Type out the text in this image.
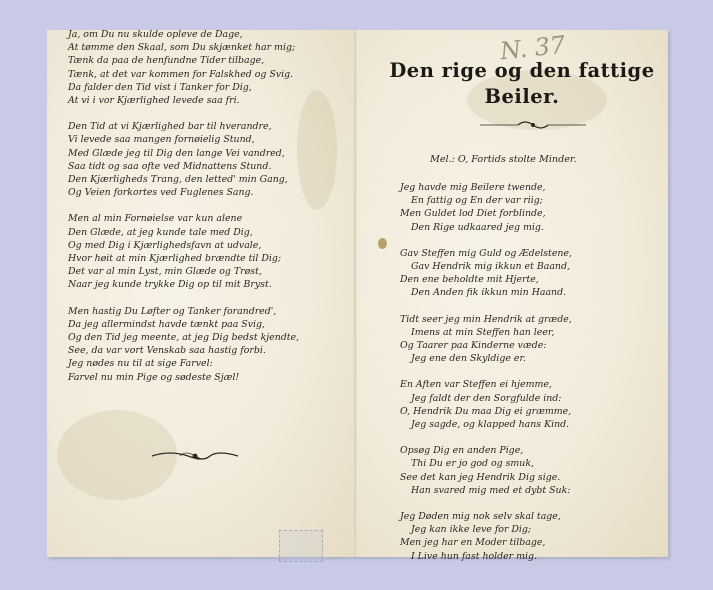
Ja, om Du nu skulde opleve de Dage,
At tømme den Skaal, som Du skjænket har mig;
Tænk da paa de henfundne Tider tilbage,
Tænk, at det var kommen for Falskhed og Svig.
Da falder den Tid vist i Tanker for Dig,
At vi i vor Kjærlighed levede saa fri.
Den Tid at vi Kjærlighed bar til hverandre,
Vi levede saa mangen fornøielig Stund,
Med Glæde jeg til Dig den lange Vei vandred,
Saa tidt og saa ofte ved Midnattens Stund.
Den Kjærligheds Trang, den letted' min Gang,
Og Veien forkortes ved Fuglenes Sang.
Men al min Fornøielse var kun alene
Den Glæde, at jeg kunde tale med Dig,
Og med Dig i Kjærlighedsfavn at udvale,
Hvor høit at min Kjærlighed brændte til Dig;
Det var al min Lyst, min Glæde og Trøst,
Naar jeg kunde trykke Dig op til mit Bryst.
Men hastig Du Løfter og Tanker forandred',
Da jeg allermindst havde tænkt paa Svig,
Og den Tid jeg meente, at jeg Dig bedst kjendte,
See, da var vort Venskab saa hastig forbi.
Jeg nødes nu til at sige Farvel:
Farvel nu min Pige og sødeste Sjæl!
N. 37
Den rige og den fattige
Beiler.
Mel.: O, Fortids stolte Minder.
Jeg havde mig Beilere twende,
En fattig og En der var riig;
Men Guldet lod Diet forblinde,
Den Rige udkaared jeg mig.
Gav Steffen mig Guld og Ædelstene,
Gav Hendrik mig ikkun et Baand,
Den ene beholdte mit Hjerte,
Den Anden fik ikkun min Haand.
Tidt seer jeg min Hendrik at græde,
Imens at min Steffen han leer,
Og Taarer paa Kinderne væde:
Jeg ene den Skyldige er.
En Aften var Steffen ei hjemme,
Jeg faldt der den Sorgfulde ind:
O, Hendrik Du maa Dig ei græmme,
Jeg sagde, og klapped hans Kind.
Opsøg Dig en anden Pige,
Thi Du er jo god og smuk,
See det kan jeg Hendrik Dig sige.
Han svared mig med et dybt Suk:
Jeg Døden mig nok selv skal tage,
Jeg kan ikke leve for Dig;
Men jeg har en Moder tilbage,
I Live hun fast holder mig.
